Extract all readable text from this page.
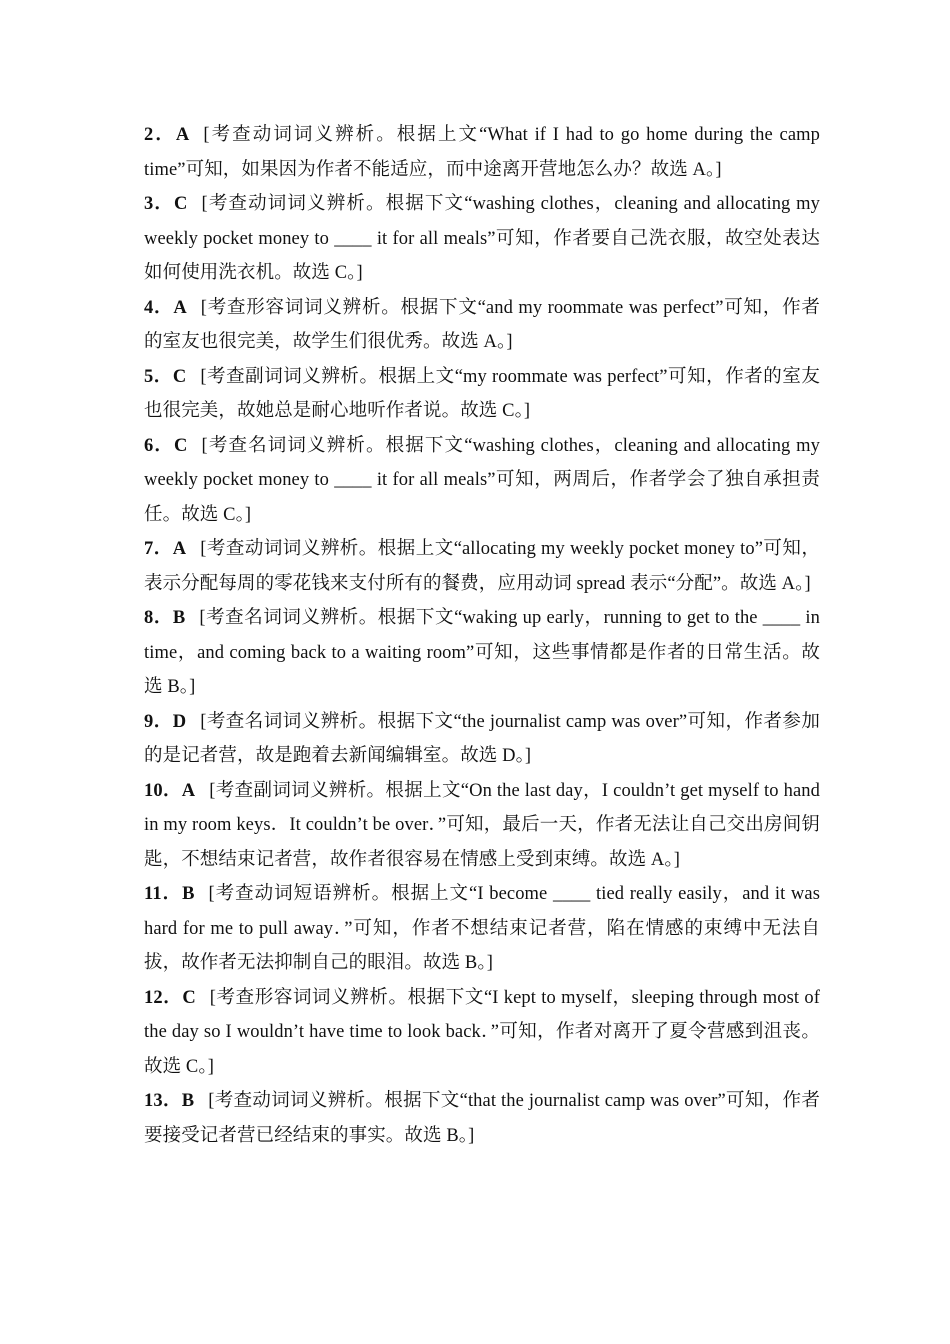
2．A [考查动词词义辨析。根据上文“What if I had to go home during the camp time”可知，如果因为作者不能适应，而中途离开营地怎么办？故选 A。]

3．C [考查动词词义辨析。根据下文“washing clothes，cleaning and allocating my weekly pocket money to ____ it for all meals”可知，作者要自己洗衣服，故空处表达如何使用洗衣机。故选 C。]

4．A [考查形容词词义辨析。根据下文“and my roommate was perfect”可知，作者的室友也很完美，故学生们很优秀。故选 A。]

5．C [考查副词词义辨析。根据上文“my roommate was perfect”可知，作者的室友也很完美，故她总是耐心地听作者说。故选 C。]

6．C [考查名词词义辨析。根据下文“washing clothes，cleaning and allocating my weekly pocket money to ____ it for all meals”可知，两周后，作者学会了独自承担责任。故选 C。]

7．A [考查动词词义辨析。根据上文“allocating my weekly pocket money to”可知，表示分配每周的零花钱来支付所有的餐费，应用动词 spread 表示“分配”。故选 A。]

8．B [考查名词词义辨析。根据下文“waking up early，running to get to the ____ in time，and coming back to a waiting room”可知，这些事情都是作者的日常生活。故选 B。]

9．D [考查名词词义辨析。根据下文“the journalist camp was over”可知，作者参加的是记者营，故是跑着去新闻编辑室。故选 D。]

10．A [考查副词词义辨析。根据上文“On the last day，I couldn’t get myself to hand in my room keys．It couldn’t be over．”可知，最后一天，作者无法让自己交出房间钥匙，不想结束记者营，故作者很容易在情感上受到束缚。故选 A。]

11．B [考查动词短语辨析。根据上文“I become ____ tied really easily，and it was hard for me to pull away．”可知，作者不想结束记者营，陷在情感的束缚中无法自拔，故作者无法抑制自己的眼泪。故选 B。]

12．C [考查形容词词义辨析。根据下文“I kept to myself，sleeping through most of the day so I wouldn’t have time to look back．”可知，作者对离开了夏令营感到沮丧。故选 C。]

13．B [考查动词词义辨析。根据下文“that the journalist camp was over”可知，作者要接受记者营已经结束的事实。故选 B。]
